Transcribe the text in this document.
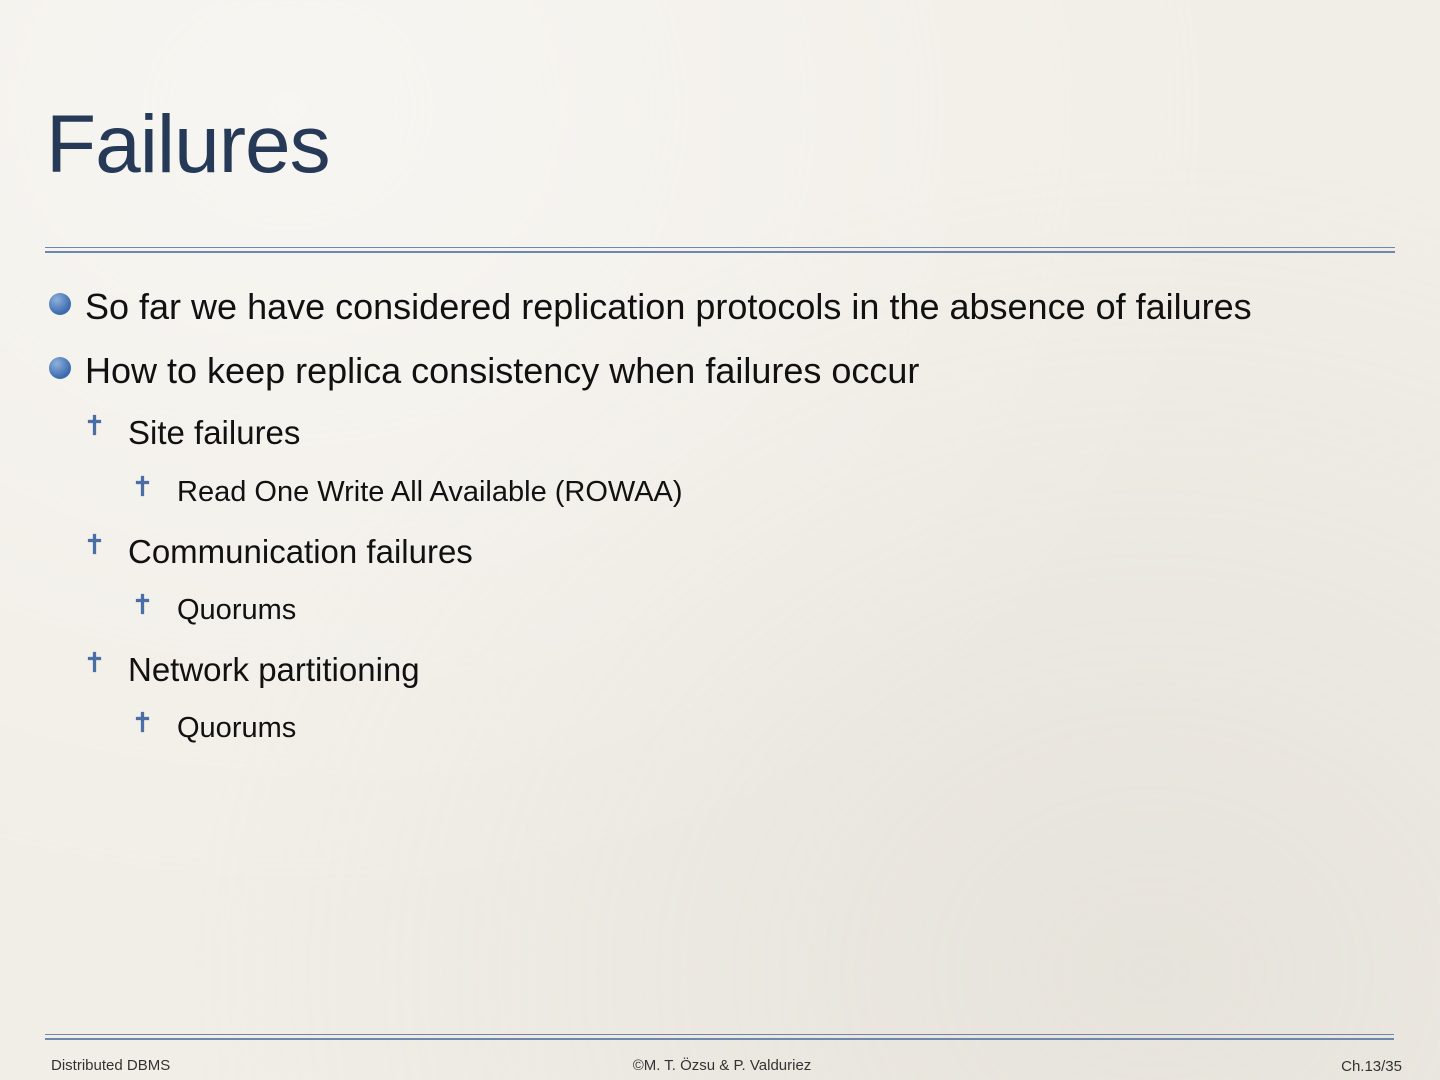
Failures
So far we have considered replication protocols in the absence of failures
How to keep replica consistency when failures occur
Site failures
Read One Write All Available (ROWAA)
Communication failures
Quorums
Network partitioning
Quorums
Distributed DBMS	©M. T. Özsu & P. Valduriez	Ch.13/35
